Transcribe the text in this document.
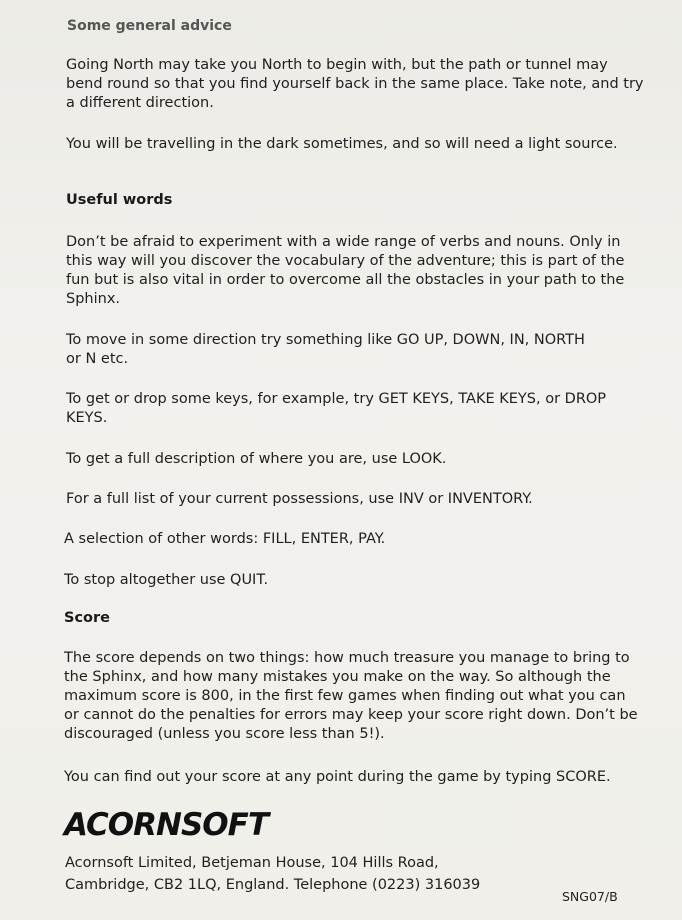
Some general advice

Going North may take you North to begin with, but the path or tunnel may bend round so that you find yourself back in the same place. Take note, and try a different direction.

You will be travelling in the dark sometimes, and so will need a light source.

Useful words

Don’t be afraid to experiment with a wide range of verbs and nouns. Only in this way will you discover the vocabulary of the adventure; this is part of the fun but is also vital in order to overcome all the obstacles in your path to the Sphinx.

To move in some direction try something like GO UP, DOWN, IN, NORTH or N etc.

To get or drop some keys, for example, try GET KEYS, TAKE KEYS, or DROP KEYS.

To get a full description of where you are, use LOOK.

For a full list of your current possessions, use INV or INVENTORY.

A selection of other words: FILL, ENTER, PAY.

To stop altogether use QUIT.

Score

The score depends on two things: how much treasure you manage to bring to the Sphinx, and how many mistakes you make on the way. So although the maximum score is 800, in the first few games when finding out what you can or cannot do the penalties for errors may keep your score right down. Don’t be discouraged (unless you score less than 5!).

You can find out your score at any point during the game by typing SCORE.

ACORNSOFT
Acornsoft Limited, Betjeman House, 104 Hills Road,
Cambridge, CB2 1LQ, England. Telephone (0223) 316039
SNG07/B
